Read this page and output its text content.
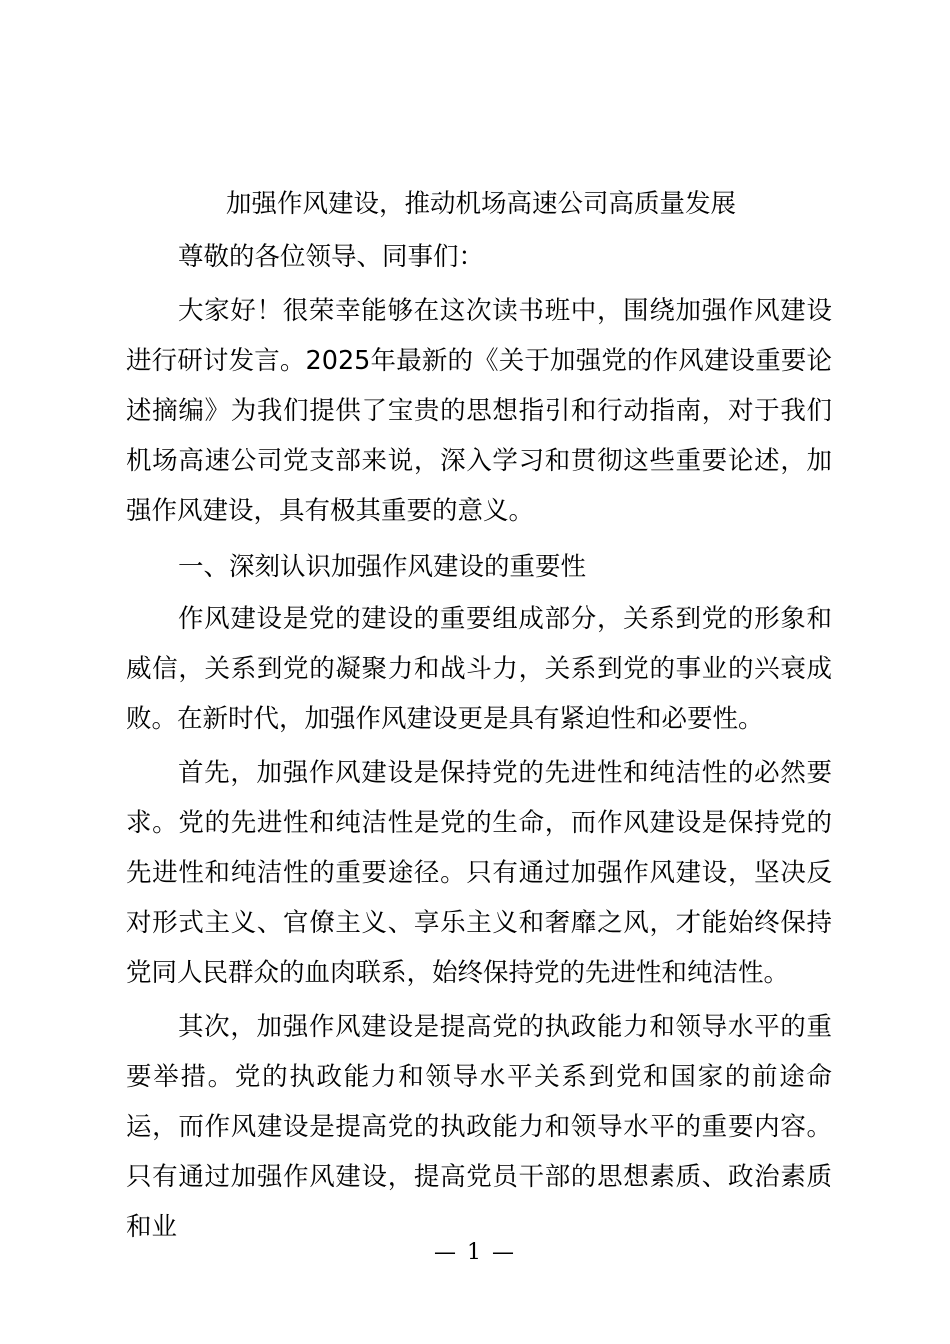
加强作风建设，推动机场高速公司高质量发展

尊敬的各位领导、同事们：

大家好！很荣幸能够在这次读书班中，围绕加强作风建设进行研讨发言。2025年最新的《关于加强党的作风建设重要论述摘编》为我们提供了宝贵的思想指引和行动指南，对于我们机场高速公司党支部来说，深入学习和贯彻这些重要论述，加强作风建设，具有极其重要的意义。

一、深刻认识加强作风建设的重要性

作风建设是党的建设的重要组成部分，关系到党的形象和威信，关系到党的凝聚力和战斗力，关系到党的事业的兴衰成败。在新时代，加强作风建设更是具有紧迫性和必要性。

首先，加强作风建设是保持党的先进性和纯洁性的必然要求。党的先进性和纯洁性是党的生命，而作风建设是保持党的先进性和纯洁性的重要途径。只有通过加强作风建设，坚决反对形式主义、官僚主义、享乐主义和奢靡之风，才能始终保持党同人民群众的血肉联系，始终保持党的先进性和纯洁性。

其次，加强作风建设是提高党的执政能力和领导水平的重要举措。党的执政能力和领导水平关系到党和国家的前途命运，而作风建设是提高党的执政能力和领导水平的重要内容。只有通过加强作风建设，提高党员干部的思想素质、政治素质和业

— 1 —
